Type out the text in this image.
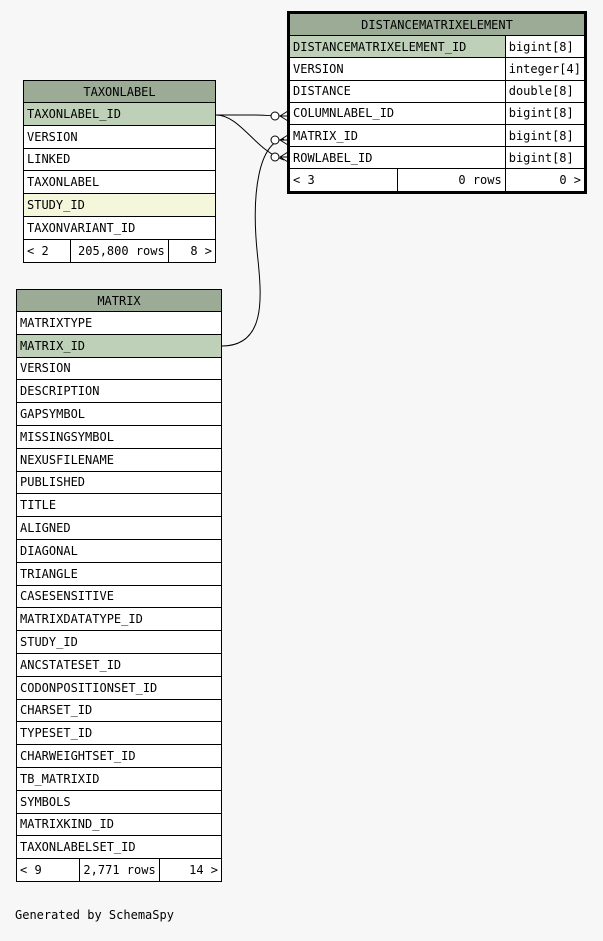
TAXONLABEL
TAXONLABEL_ID
VERSION
LINKED
TAXONLABEL
STUDY_ID
TAXONVARIANT_ID
< 2	205,800 rows	8 >
MATRIX
MATRIXTYPE
MATRIX_ID
VERSION
DESCRIPTION
GAPSYMBOL
MISSINGSYMBOL
NEXUSFILENAME
PUBLISHED
TITLE
ALIGNED
DIAGONAL
TRIANGLE
CASESENSITIVE
MATRIXDATATYPE_ID
STUDY_ID
ANCSTATESET_ID
CODONPOSITIONSET_ID
CHARSET_ID
TYPESET_ID
CHARWEIGHTSET_ID
TB_MATRIXID
SYMBOLS
MATRIXKIND_ID
TAXONLABELSET_ID
< 9	2,771 rows	14 >
DISTANCEMATRIXELEMENT		
DISTANCEMATRIXELEMENT_ID		bigint[8]
VERSION		integer[4]
DISTANCE		double[8]
COLUMNLABEL_ID		bigint[8]
MATRIX_ID		bigint[8]
ROWLABEL_ID		bigint[8]
< 3	0 rows	0 >
Generated by SchemaSpy
